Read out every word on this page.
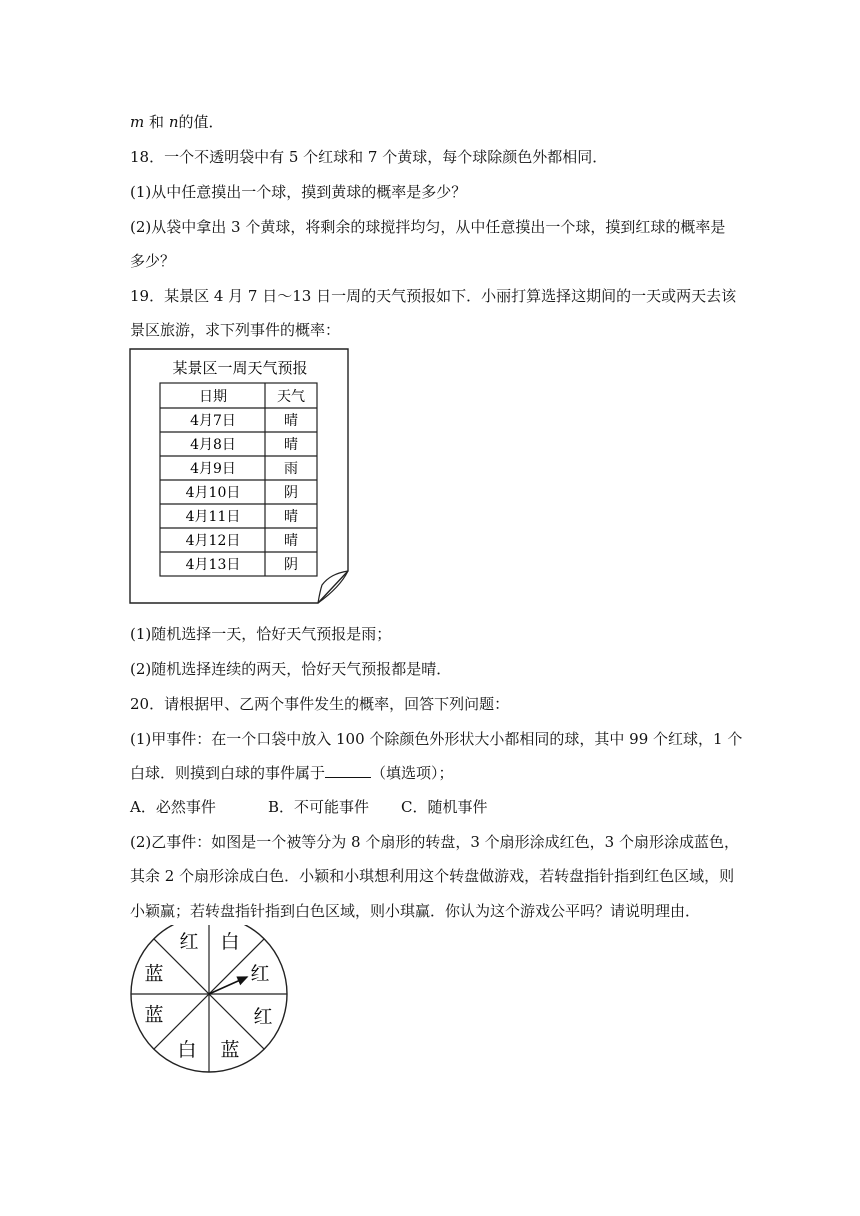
m 和 n的值．
18．一个不透明袋中有 5 个红球和 7 个黄球，每个球除颜色外都相同．
(1)从中任意摸出一个球，摸到黄球的概率是多少？
(2)从袋中拿出 3 个黄球，将剩余的球搅拌均匀，从中任意摸出一个球，摸到红球的概率是
多少？
19．某景区 4 月 7 日～13 日一周的天气预报如下．小丽打算选择这期间的一天或两天去该
景区旅游，求下列事件的概率：
某景区一周天气预报
日期	天气
4月7日	晴
4月8日	晴
4月9日	雨
4月10日	阴
4月11日	晴
4月12日	晴
4月13日	阴
(1)随机选择一天，恰好天气预报是雨；
(2)随机选择连续的两天，恰好天气预报都是晴．
20．请根据甲、乙两个事件发生的概率，回答下列问题：
(1)甲事件：在一个口袋中放入 100 个除颜色外形状大小都相同的球，其中 99 个红球，1 个
白球．则摸到白球的事件属于	（填选项）；
A．必然事件	B．不可能事件 C．随机事件
(2)乙事件：如图是一个被等分为 8 个扇形的转盘，3 个扇形涂成红色，3 个扇形涂成蓝色，
其余 2 个扇形涂成白色．小颖和小琪想利用这个转盘做游戏，若转盘指针指到红色区域，则
小颖赢；若转盘指针指到白色区域，则小琪赢．你认为这个游戏公平吗？请说明理由．
红 白
红
红
蓝
白
蓝
蓝
